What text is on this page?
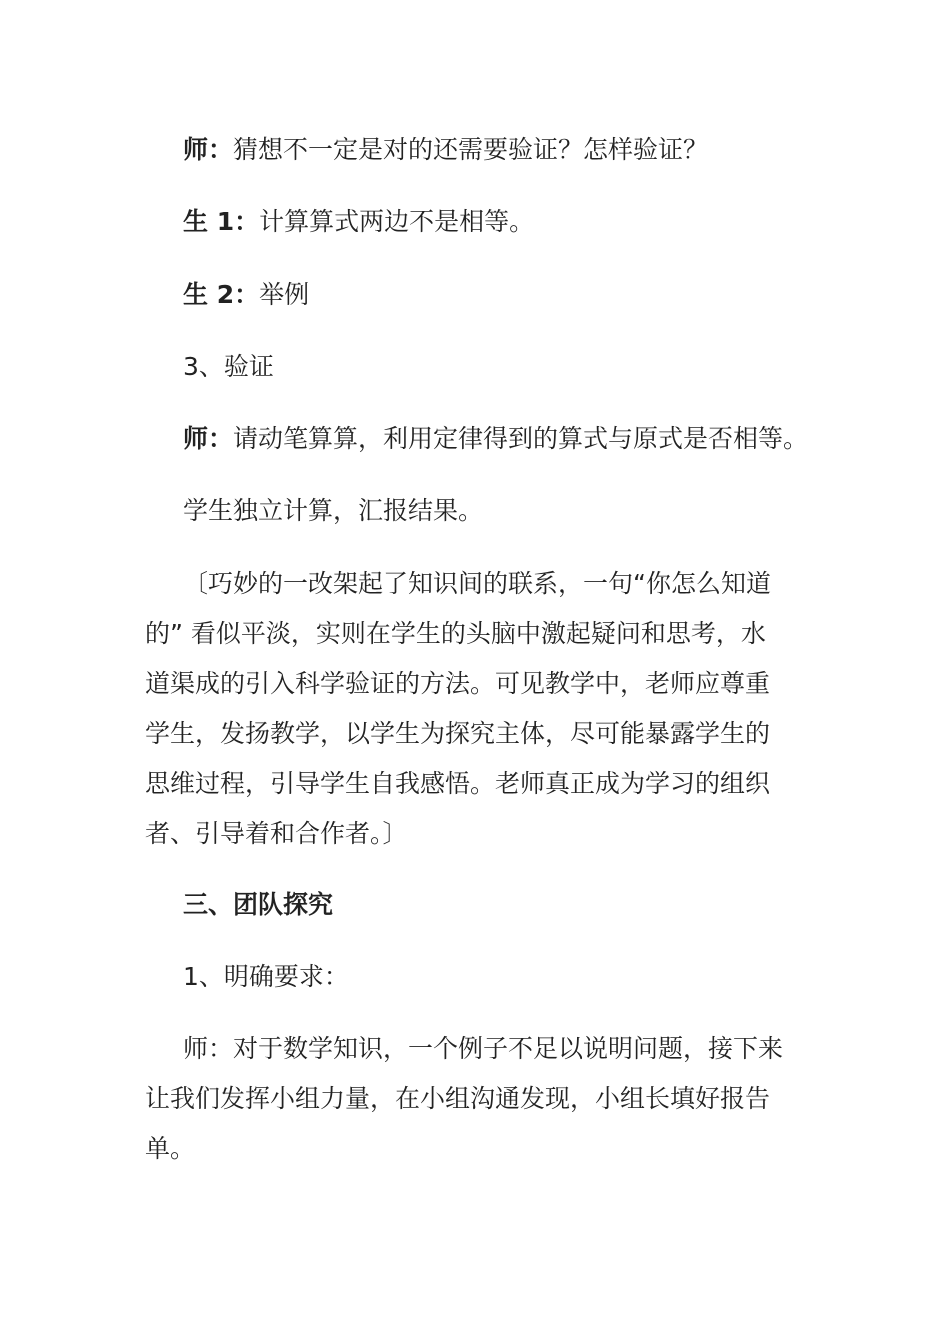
师：猜想不一定是对的还需要验证？怎样验证？
生 1：计算算式两边不是相等。
生 2：举例
3、验证
师：请动笔算算，利用定律得到的算式与原式是否相等。
学生独立计算，汇报结果。
〔巧妙的一改架起了知识间的联系，一句“你怎么知道
的” 看似平淡，实则在学生的头脑中激起疑问和思考，水
道渠成的引入科学验证的方法。可见教学中，老师应尊重
学生，发扬教学，以学生为探究主体，尽可能暴露学生的
思维过程，引导学生自我感悟。老师真正成为学习的组织
者、引导着和合作者。〕
三、团队探究
1、明确要求：
师：对于数学知识，一个例子不足以说明问题，接下来
让我们发挥小组力量，在小组沟通发现，小组长填好报告
单。
